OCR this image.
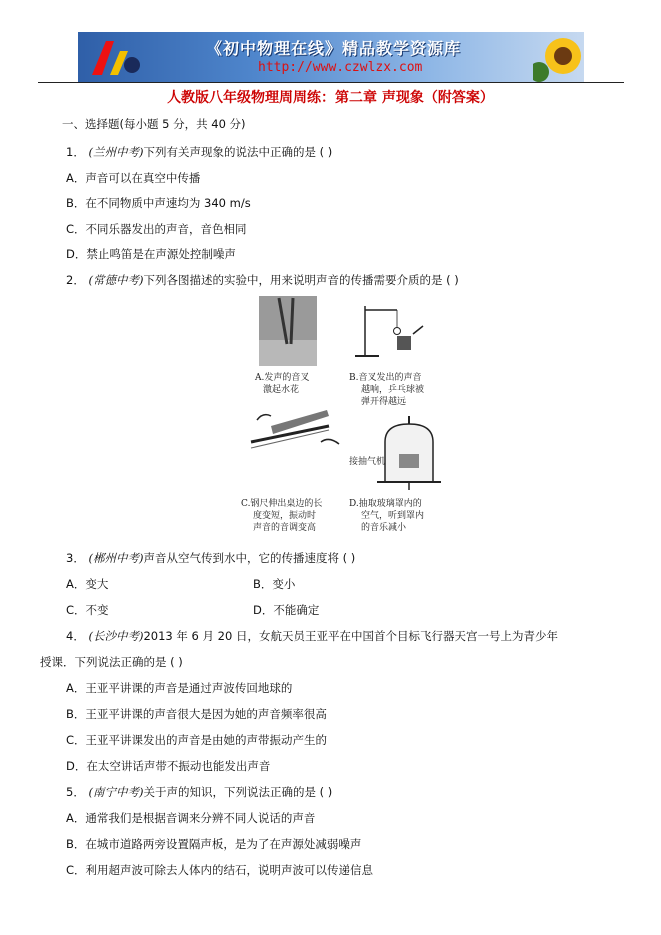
《初中物理在线》精品教学资源库
http://www.czwlzx.com
人教版八年级物理周周练：第二章 声现象（附答案）
一、选择题(每小题 5 分，共 40 分)
1． (兰州中考)下列有关声现象的说法中正确的是 ( )
A．声音可以在真空中传播
B．在不同物质中声速均为 340 m/s
C．不同乐器发出的声音，音色相同
D．禁止鸣笛是在声源处控制噪声
2． (常德中考)下列各图描述的实验中，用来说明声音的传播需要介质的是 ( )
A.发声的音叉
激起水花
B.音叉发出的声音
越响，乒乓球被
弹开得越远
C.钢尺伸出桌边的长
度变短，振动时
声音的音调变高
接抽气机
D.抽取玻璃罩内的
空气，听到罩内
的音乐减小
3． (郴州中考)声音从空气传到水中，它的传播速度将 ( )
A．变大	B．变小
C．不变	D．不能确定
4． (长沙中考)2013 年 6 月 20 日，女航天员王亚平在中国首个目标飞行器天宫一号上为青少年
授课．下列说法正确的是 ( )
A．王亚平讲课的声音是通过声波传回地球的
B．王亚平讲课的声音很大是因为她的声音频率很高
C．王亚平讲课发出的声音是由她的声带振动产生的
D．在太空讲话声带不振动也能发出声音
5． (南宁中考)关于声的知识，下列说法正确的是 ( )
A．通常我们是根据音调来分辨不同人说话的声音
B．在城市道路两旁设置隔声板，是为了在声源处减弱噪声
C．利用超声波可除去人体内的结石，说明声波可以传递信息
